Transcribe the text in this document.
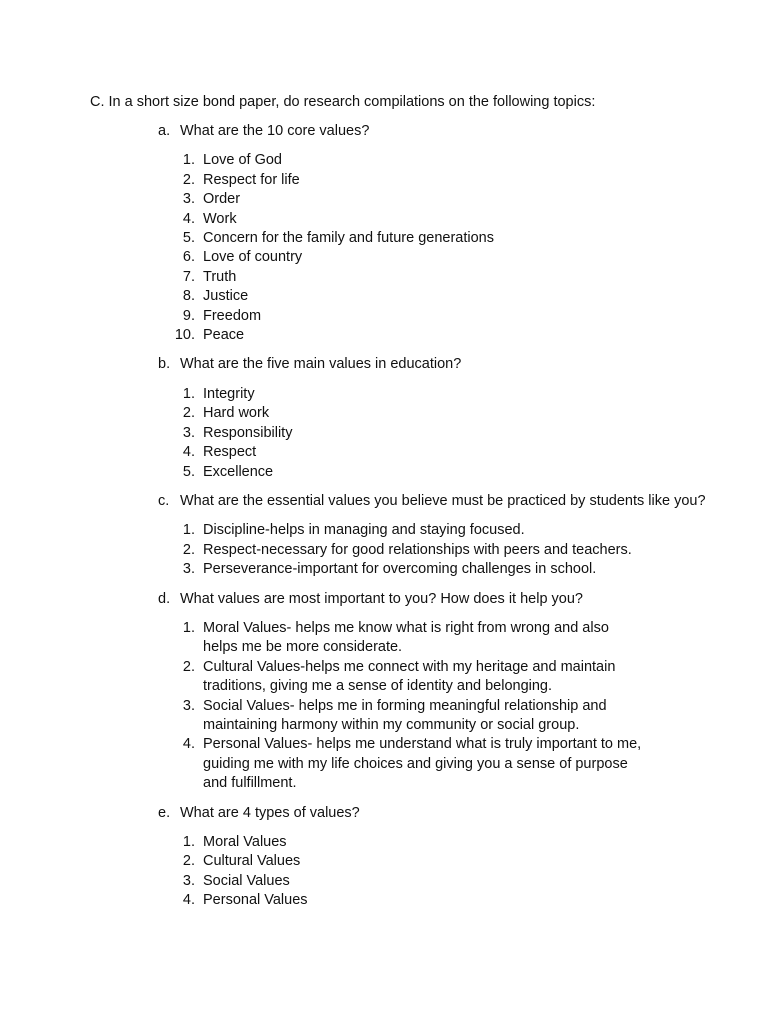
C. In a short size bond paper, do research compilations on the following topics:

a. What are the 10 core values?
1. Love of God
2. Respect for life
3. Order
4. Work
5. Concern for the family and future generations
6. Love of country
7. Truth
8. Justice
9. Freedom
10. Peace
b. What are the five main values in education?
1. Integrity
2. Hard work
3. Responsibility
4. Respect
5. Excellence
c. What are the essential values you believe must be practiced by students like you?
1. Discipline-helps in managing and staying focused.
2. Respect-necessary for good relationships with peers and teachers.
3. Perseverance-important for overcoming challenges in school.
d. What values are most important to you? How does it help you?
1. Moral Values- helps me know what is right from wrong and also helps me be more considerate.
2. Cultural Values-helps me connect with my heritage and maintain traditions, giving me a sense of identity and belonging.
3. Social Values- helps me in forming meaningful relationship and maintaining harmony within my community or social group.
4. Personal Values- helps me understand what is truly important to me, guiding me with my life choices and giving you a sense of purpose and fulfillment.
e. What are 4 types of values?
1. Moral Values
2. Cultural Values
3. Social Values
4. Personal Values
